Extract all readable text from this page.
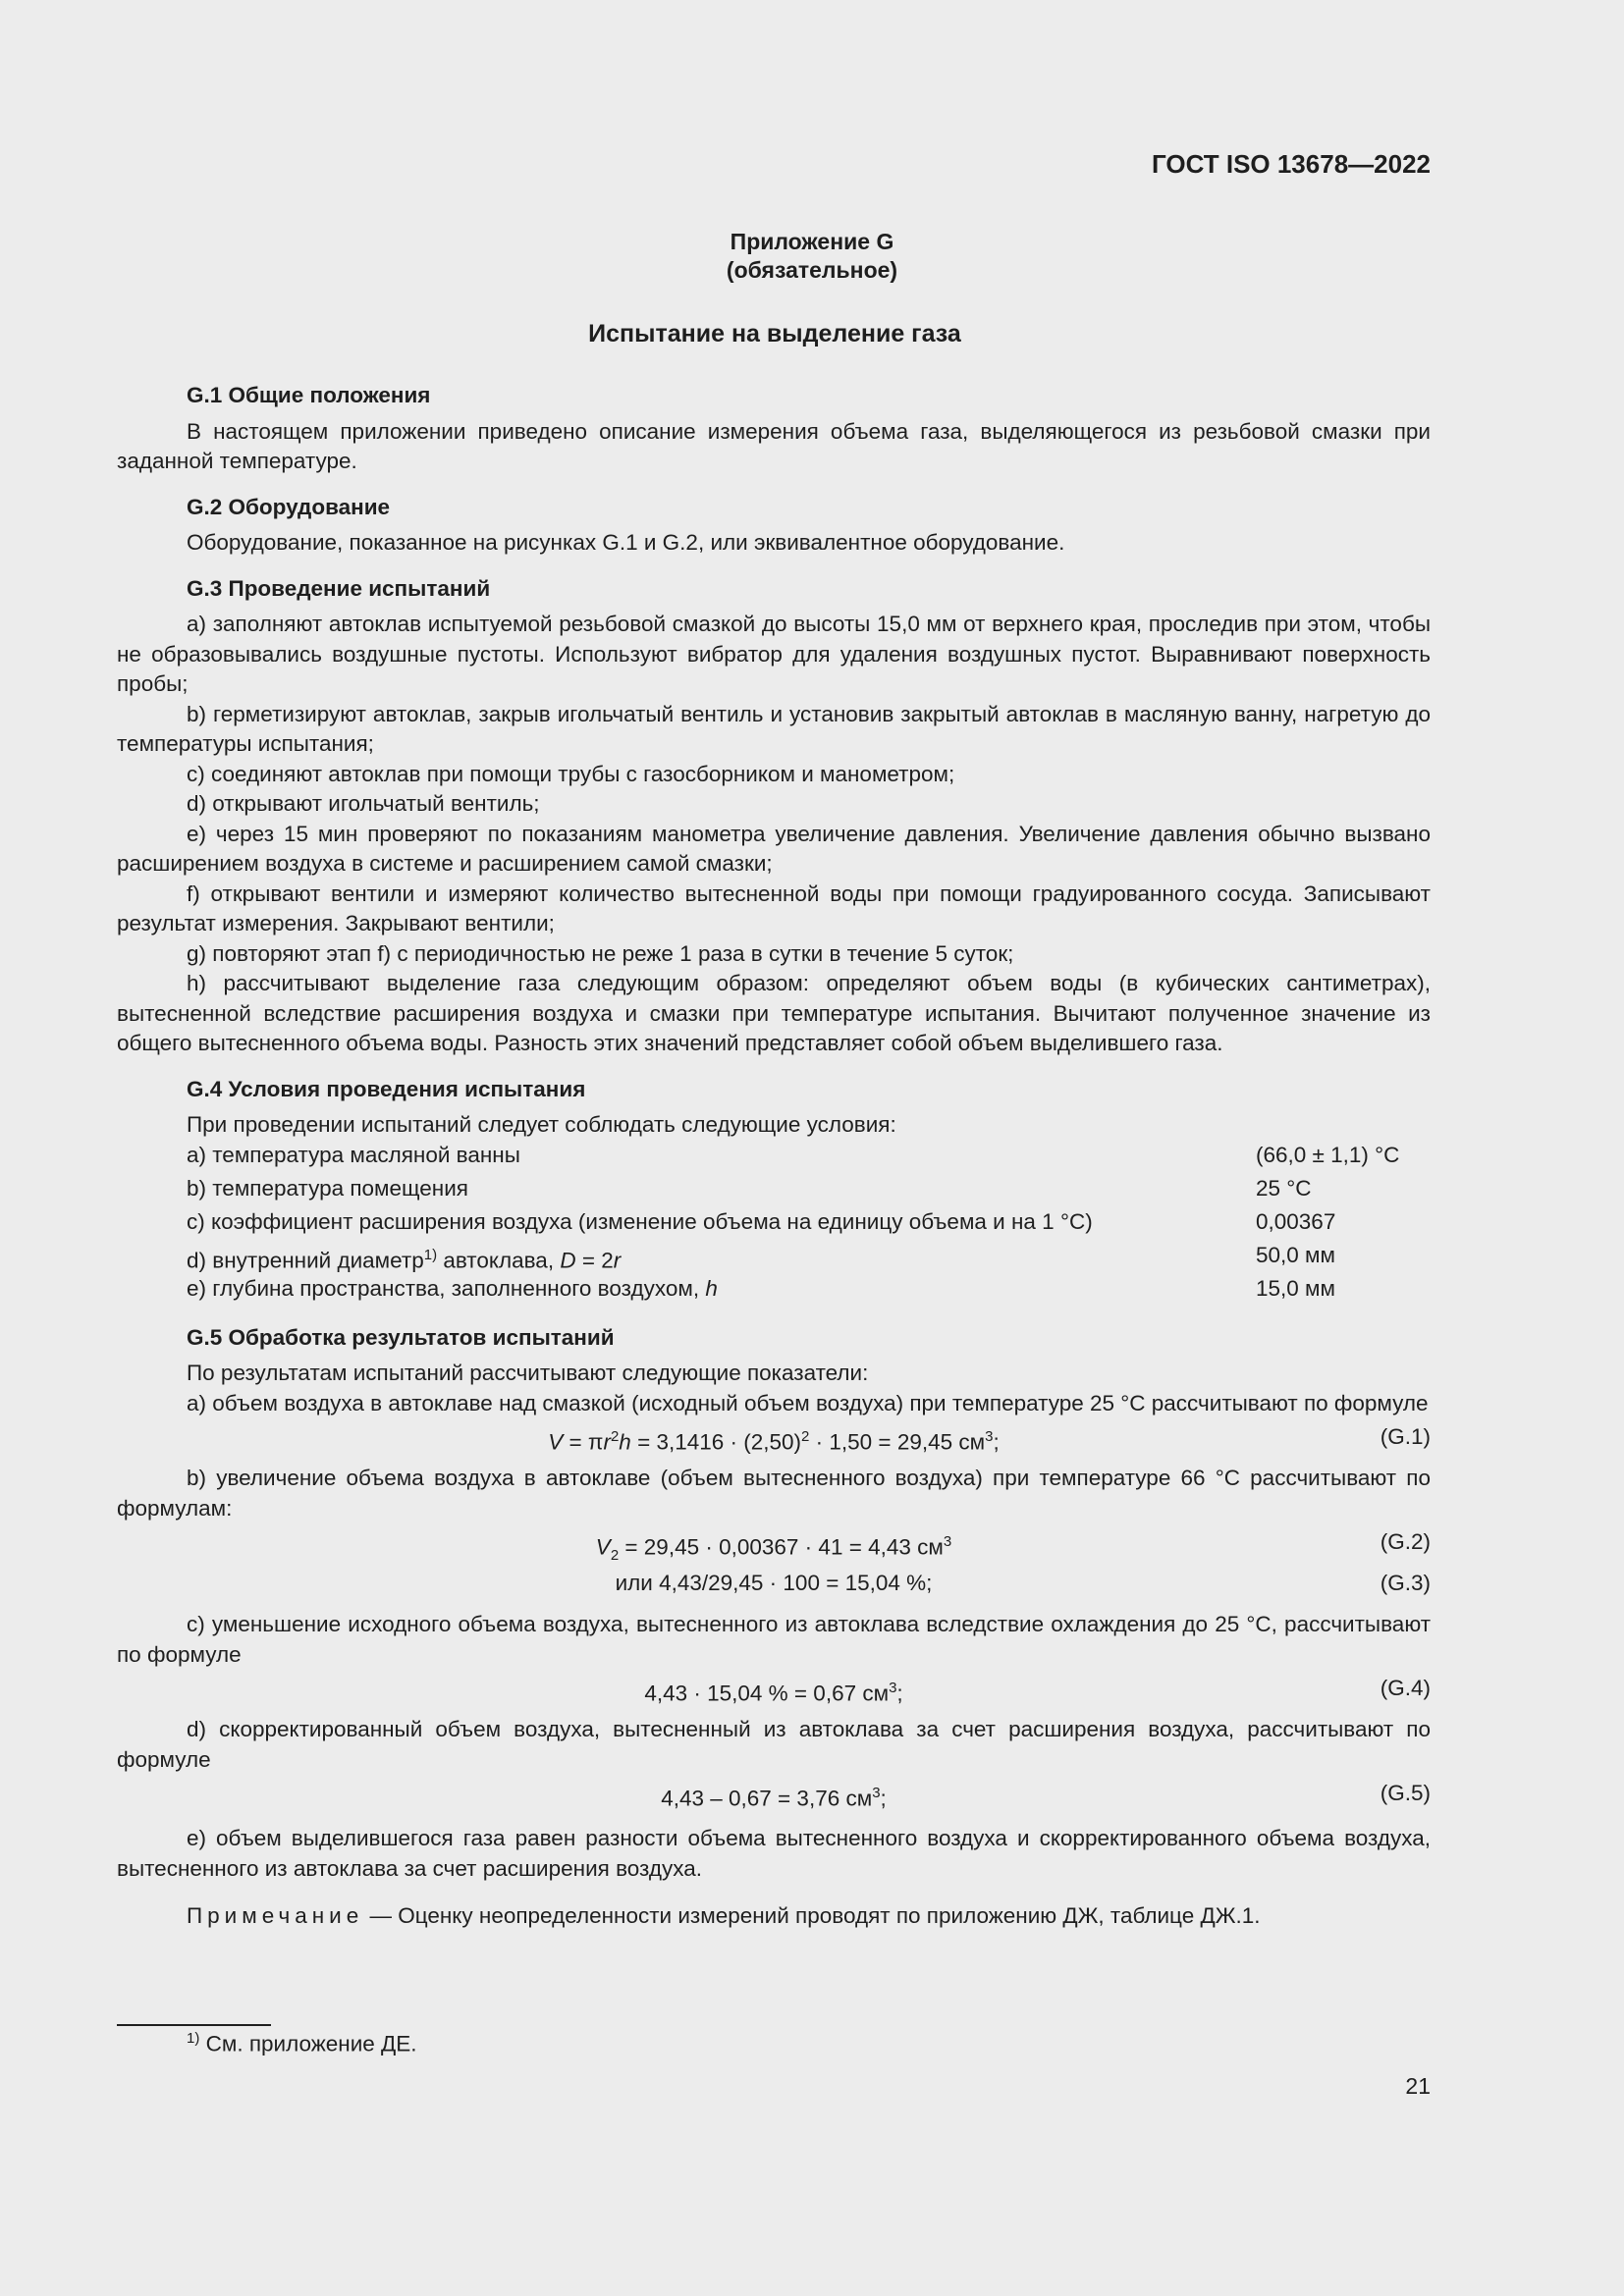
ГОСТ ISO 13678—2022
Приложение G
(обязательное)
Испытание на выделение газа

G.1 Общие положения

В настоящем приложении приведено описание измерения объема газа, выделяющегося из резьбовой смазки при заданной температуре.

G.2 Оборудование

Оборудование, показанное на рисунках G.1 и G.2, или эквивалентное оборудование.

G.3 Проведение испытаний

a) заполняют автоклав испытуемой резьбовой смазкой до высоты 15,0 мм от верхнего края, проследив при этом, чтобы не образовывались воздушные пустоты. Используют вибратор для удаления воздушных пустот. Выравнивают поверхность пробы;

b) герметизируют автоклав, закрыв игольчатый вентиль и установив закрытый автоклав в масляную ванну, нагретую до температуры испытания;

c) соединяют автоклав при помощи трубы с газосборником и манометром;

d) открывают игольчатый вентиль;

e) через 15 мин проверяют по показаниям манометра увеличение давления. Увеличение давления обычно вызвано расширением воздуха в системе и расширением самой смазки;

f) открывают вентили и измеряют количество вытесненной воды при помощи градуированного сосуда. Записывают результат измерения. Закрывают вентили;

g) повторяют этап f) с периодичностью не реже 1 раза в сутки в течение 5 суток;

h) рассчитывают выделение газа следующим образом: определяют объем воды (в кубических сантиметрах), вытесненной вследствие расширения воздуха и смазки при температуре испытания. Вычитают полученное значение из общего вытесненного объема воды. Разность этих значений представляет собой объем выделившего газа.

G.4 Условия проведения испытания

При проведении испытаний следует соблюдать следующие условия:

a) температура масляной ванны	(66,0 ± 1,1) °C
b) температура помещения	25 °C
c) коэффициент расширения воздуха (изменение объема на единицу объема и на 1 °C)	0,00367
d) внутренний диаметр$^{1)}$ автоклава, D = 2r	50,0 мм
e) глубина пространства, заполненного воздухом, h	15,0 мм

G.5 Обработка результатов испытаний

По результатам испытаний рассчитывают следующие показатели:

a) объем воздуха в автоклаве над смазкой (исходный объем воздуха) при температуре 25 °C рассчитывают по формуле

$V = \pi r^2h = 3,1416 \cdot (2,50)^2 \cdot 1,50 = 29,45$ $см^3$;	(G.1)

b) увеличение объема воздуха в автоклаве (объем вытесненного воздуха) при температуре 66 °C рассчитывают по формулам:

$V_2 = 29,45 \cdot 0,00367 \cdot 41 = 4,43$ $см^3$	(G.2)
или 4,43/29,45 · 100 = 15,04 %;	(G.3)

c) уменьшение исходного объема воздуха, вытесненного из автоклава вследствие охлаждения до 25 °C, рассчитывают по формуле

4,43 · 15,04 % = 0,67 $см^3$;	(G.4)

d) скорректированный объем воздуха, вытесненный из автоклава за счет расширения воздуха, рассчитывают по формуле

4,43 – 0,67 = 3,76 $см^3$;	(G.5)

e) объем выделившегося газа равен разности объема вытесненного воздуха и скорректированного объема воздуха, вытесненного из автоклава за счет расширения воздуха.

Примечание — Оценку неопределенности измерений проводят по приложению ДЖ, таблице ДЖ.1.

$^{1)}$ См. приложение ДЕ.
21
